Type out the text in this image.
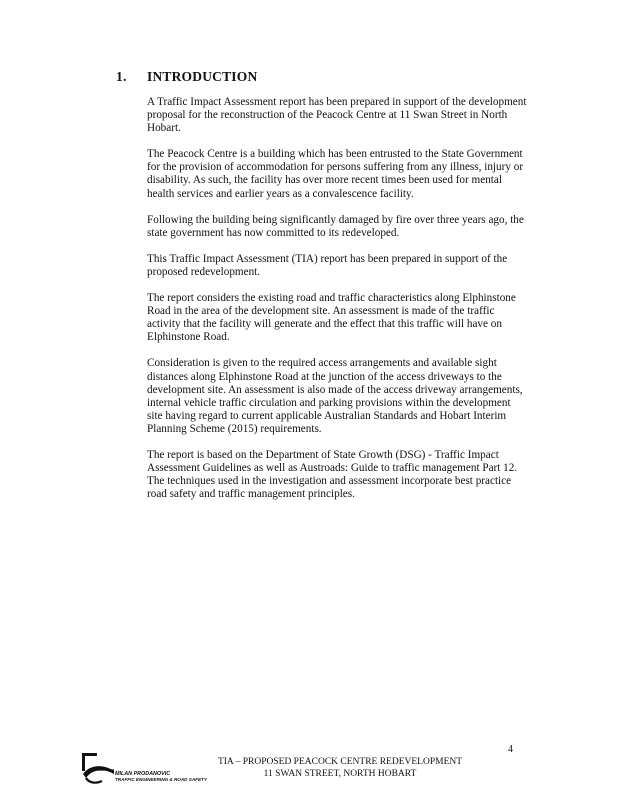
1. INTRODUCTION

A Traffic Impact Assessment report has been prepared in support of the development proposal for the reconstruction of the Peacock Centre at 11 Swan Street in North Hobart.

The Peacock Centre is a building which has been entrusted to the State Government for the provision of accommodation for persons suffering from any illness, injury or disability. As such, the facility has over more recent times been used for mental health services and earlier years as a convalescence facility.

Following the building being significantly damaged by fire over three years ago, the state government has now committed to its redeveloped.

This Traffic Impact Assessment (TIA) report has been prepared in support of the proposed redevelopment.

The report considers the existing road and traffic characteristics along Elphinstone Road in the area of the development site. An assessment is made of the traffic activity that the facility will generate and the effect that this traffic will have on Elphinstone Road.

Consideration is given to the required access arrangements and available sight distances along Elphinstone Road at the junction of the access driveways to the development site. An assessment is also made of the access driveway arrangements, internal vehicle traffic circulation and parking provisions within the development site having regard to current applicable Australian Standards and Hobart Interim Planning Scheme (2015) requirements.

The report is based on the Department of State Growth (DSG) - Traffic Impact Assessment Guidelines as well as Austroads: Guide to traffic management Part 12. The techniques used in the investigation and assessment incorporate best practice road safety and traffic management principles.

4
MILAN PRODANOVIC
TRAFFIC ENGINEERING & ROAD SAFETY
TIA – PROPOSED PEACOCK CENTRE REDEVELOPMENT
11 SWAN STREET, NORTH HOBART
